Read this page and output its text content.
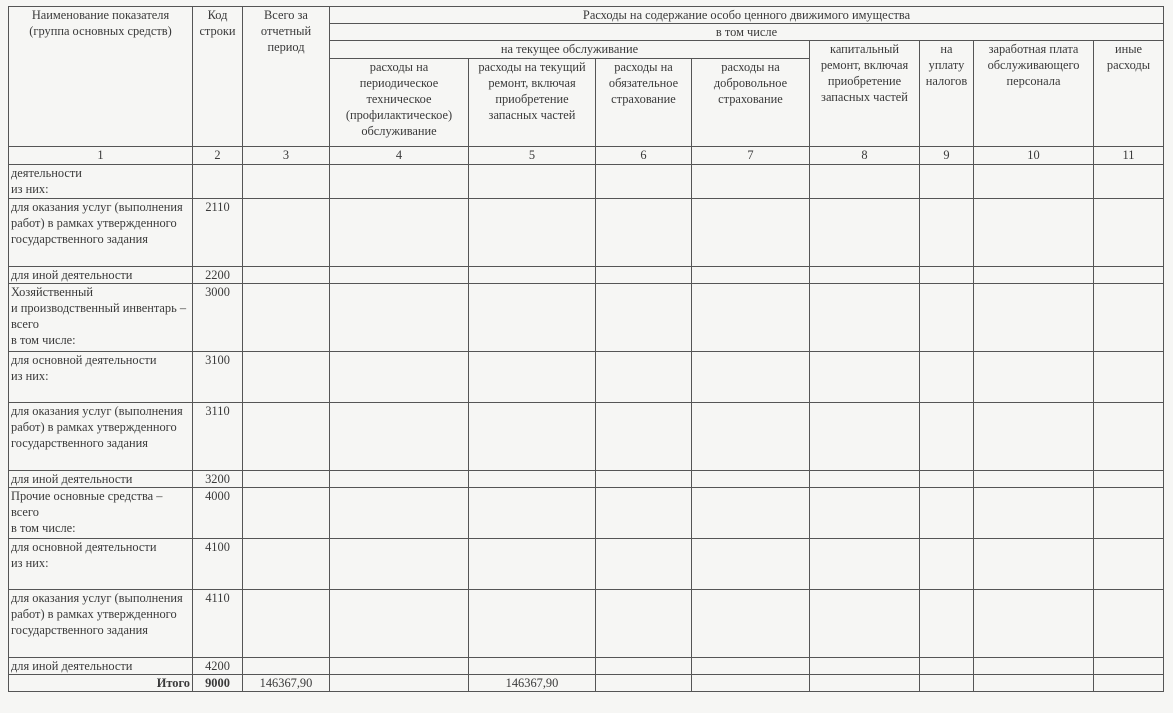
Наименование показателя (группа основных средств)	Код строки	Всего за отчетный период	Расходы на содержание особо ценного движимого имущества							
			в том числе							
			на текущее обслуживание				капитальный ремонт, включая приобретение запасных частей	на уплату налогов	заработная плата обслуживающего персонала	иные расходы
			расходы на периодическое техническое (профилактическое) обслуживание	расходы на текущий ремонт, включая приобретение запасных частей	расходы на обязательное страхование	расходы на добровольное страхование				
1	2	3	4	5	6	7	8	9	10	11
деятельности
из них:										
для оказания услуг (выполнения работ) в рамках утвержденного государственного задания	2110									
для иной деятельности	2200									
Хозяйственный
и производственный инвентарь – всего
в том числе:	3000									
для основной деятельности
из них:	3100									
для оказания услуг (выполнения работ) в рамках утвержденного государственного задания	3110									
для иной деятельности	3200									
Прочие основные средства – всего
в том числе:	4000									
для основной деятельности
из них:	4100									
для оказания услуг (выполнения работ) в рамках утвержденного государственного задания	4110									
для иной деятельности	4200									
Итого	9000	146367,90		146367,90						
